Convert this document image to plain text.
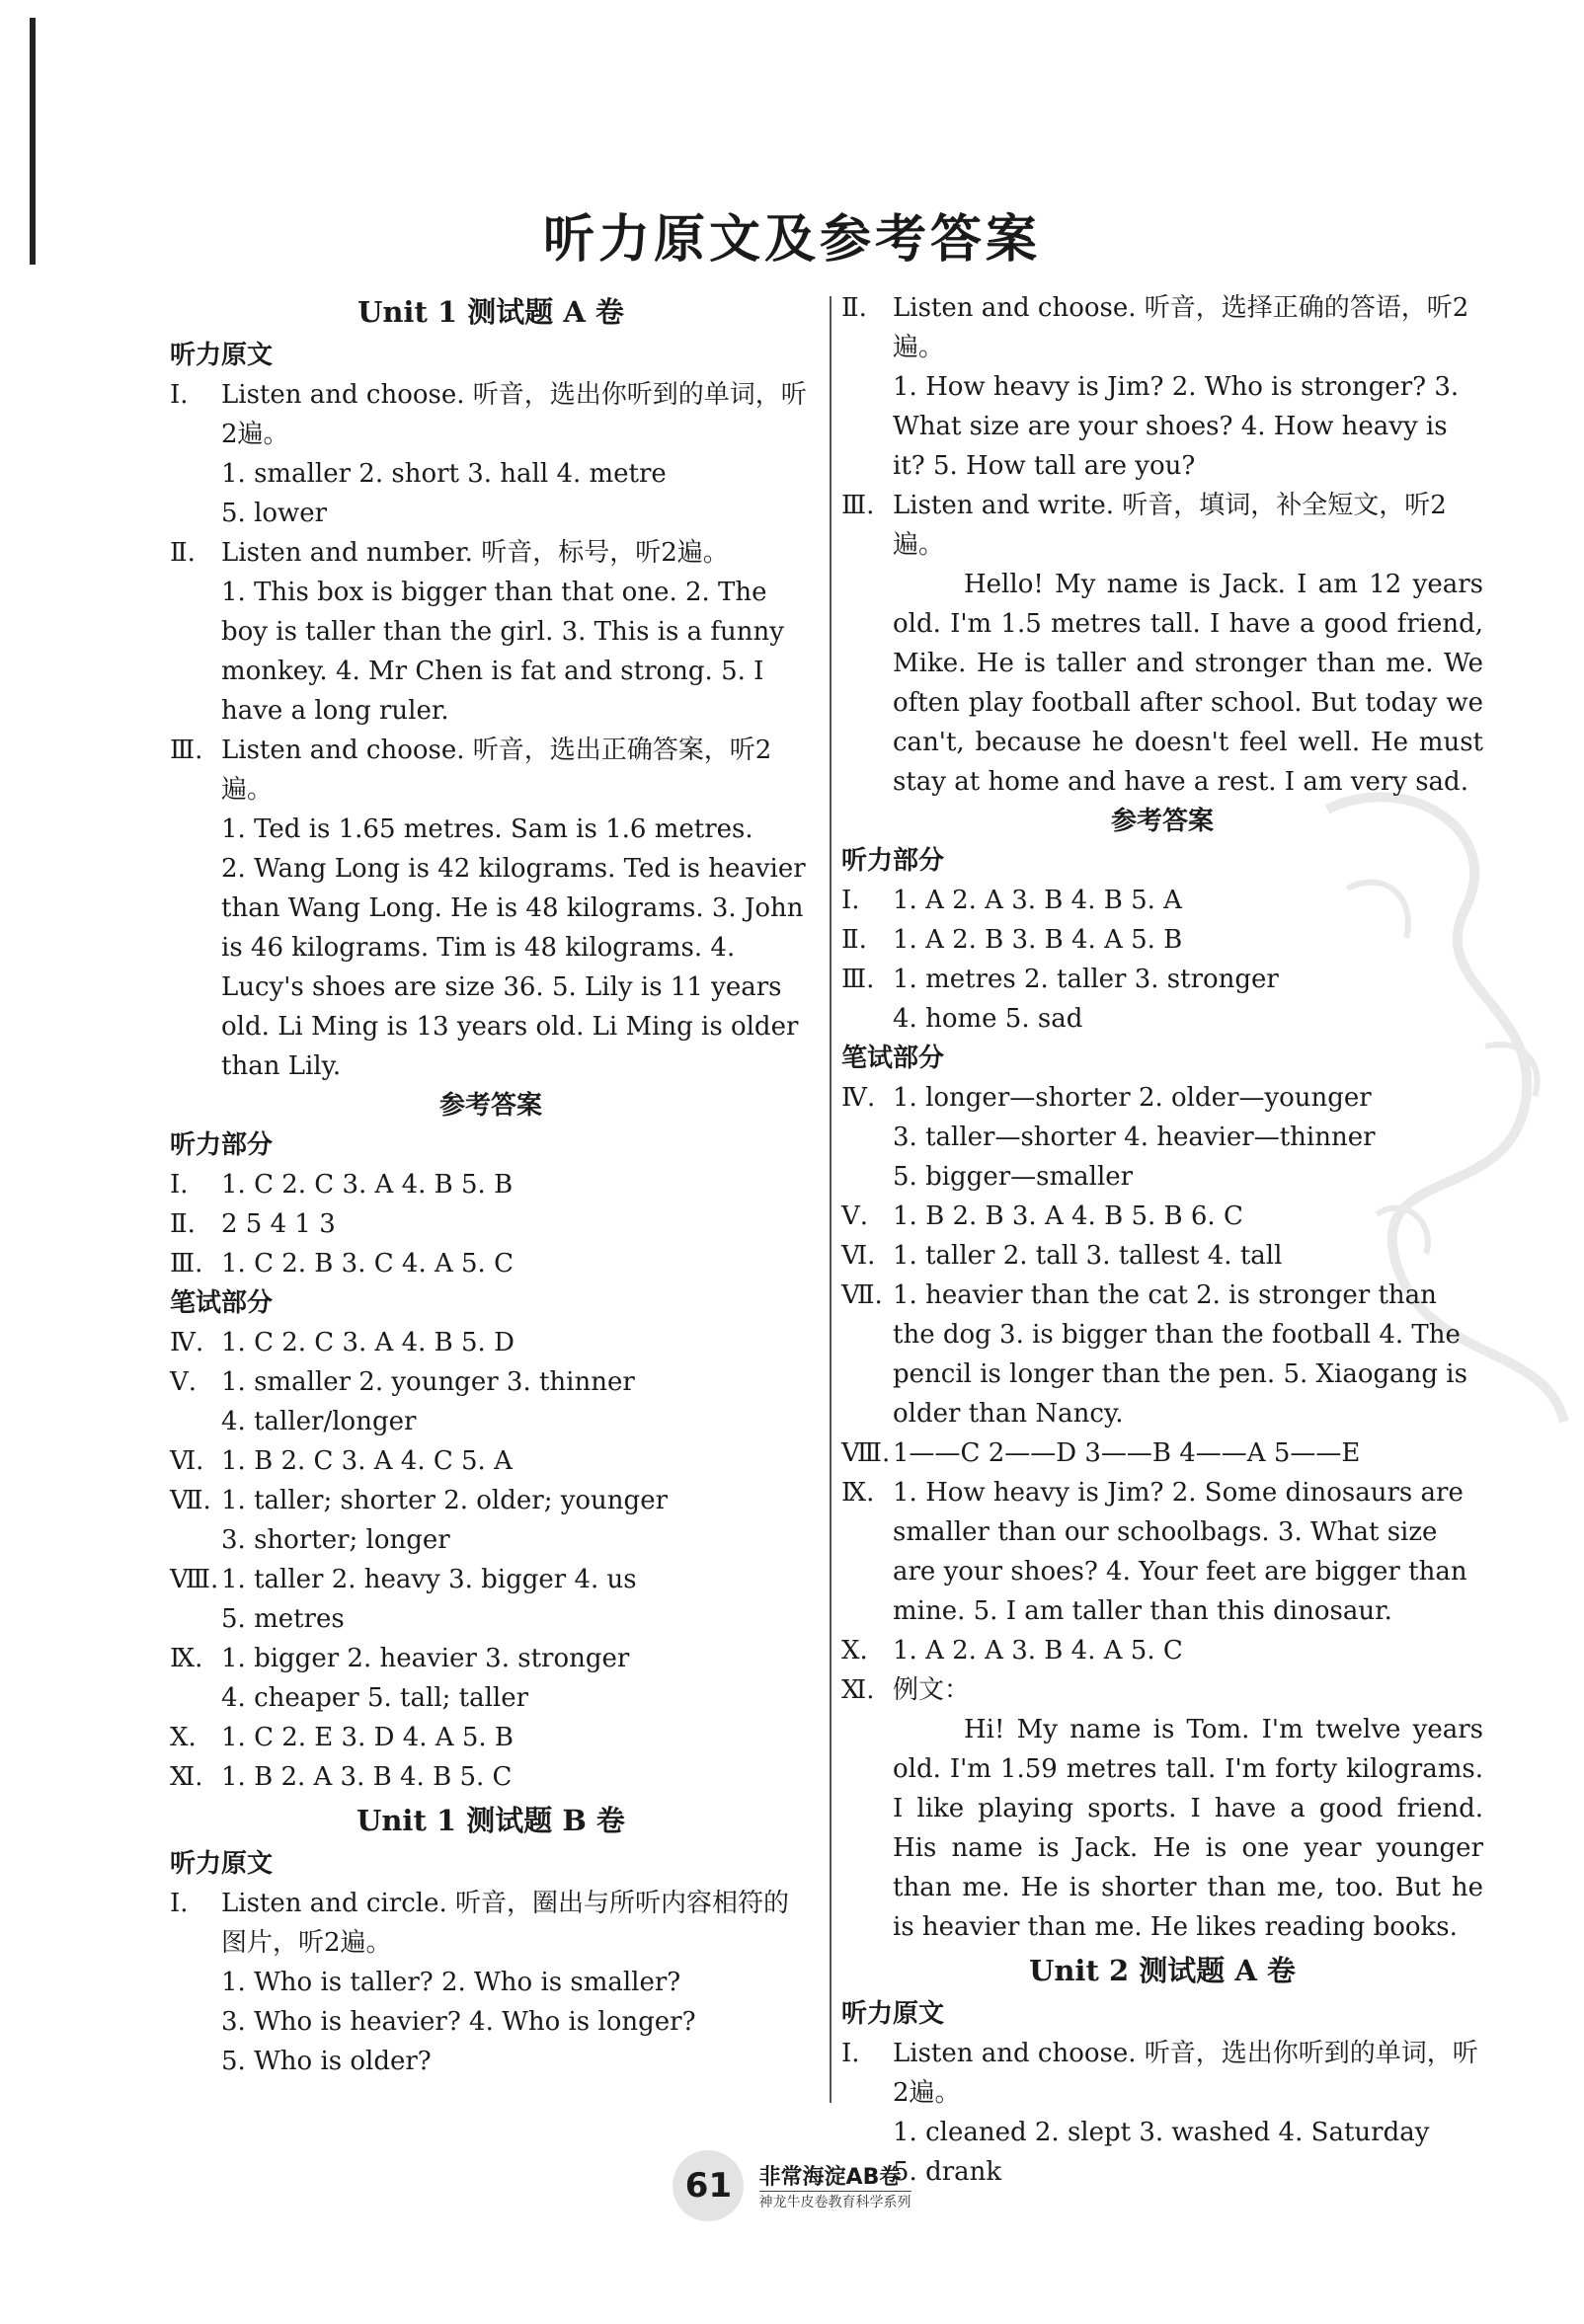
听力原文及参考答案
Unit 1 测试题 A 卷
听力原文
Ⅰ.	Listen and choose. 听音，选出你听到的单词，听2遍。
1. smaller 2. short 3. hall 4. metre
5. lower
Ⅱ.	Listen and number. 听音，标号，听2遍。
1. This box is bigger than that one. 2. The boy is taller than the girl. 3. This is a funny monkey. 4. Mr Chen is fat and strong. 5. I have a long ruler.
Ⅲ. Listen and choose. 听音，选出正确答案，听2遍。
1. Ted is 1.65 metres. Sam is 1.6 metres.
2. Wang Long is 42 kilograms. Ted is heavier than Wang Long. He is 48 kilograms. 3. John is 46 kilograms. Tim is 48 kilograms. 4. Lucy's shoes are size 36. 5. Lily is 11 years old. Li Ming is 13 years old. Li Ming is older than Lily.
参考答案
听力部分
Ⅰ.	1. C 2. C 3. A 4. B 5. B
Ⅱ.	2 5 4 1 3
Ⅲ. 1. C 2. B 3. C 4. A 5. C
笔试部分
Ⅳ. 1. C 2. C 3. A 4. B 5. D
Ⅴ. 1. smaller 2. younger 3. thinner
4. taller/longer
Ⅵ. 1. B 2. C 3. A 4. C 5. A
Ⅶ. 1. taller; shorter 2. older; younger
3. shorter; longer
Ⅷ. 1. taller 2. heavy 3. bigger 4. us
5. metres
Ⅸ. 1. bigger 2. heavier 3. stronger
4. cheaper 5. tall; taller
Ⅹ. 1. C 2. E 3. D 4. A 5. B
Ⅺ. 1. B 2. A 3. B 4. B 5. C
Unit 1 测试题 B 卷
听力原文
Ⅰ.	Listen and circle. 听音，圈出与所听内容相符的图片，听2遍。
1. Who is taller? 2. Who is smaller?
3. Who is heavier? 4. Who is longer?
5. Who is older?
Ⅱ.	Listen and choose. 听音，选择正确的答语，听2遍。
1. How heavy is Jim? 2. Who is stronger? 3. What size are your shoes? 4. How heavy is it? 5. How tall are you?
Ⅲ. Listen and write. 听音，填词，补全短文，听2遍。
Hello! My name is Jack. I am 12 years old. I'm 1.5 metres tall. I have a good friend, Mike. He is taller and stronger than me. We often play football after school. But today we can't, because he doesn't feel well. He must stay at home and have a rest. I am very sad.
参考答案
听力部分
Ⅰ.	1. A 2. A 3. B 4. B 5. A
Ⅱ.	1. A 2. B 3. B 4. A 5. B
Ⅲ. 1. metres 2. taller 3. stronger
4. home 5. sad
笔试部分
Ⅳ. 1. longer—shorter 2. older—younger
3. taller—shorter 4. heavier—thinner
5. bigger—smaller
Ⅴ. 1. B 2. B 3. A 4. B 5. B 6. C
Ⅵ. 1. taller 2. tall 3. tallest 4. tall
Ⅶ. 1. heavier than the cat 2. is stronger than the dog 3. is bigger than the football 4. The pencil is longer than the pen. 5. Xiaogang is older than Nancy.
Ⅷ. 1——C 2——D 3——B 4——A 5——E
Ⅸ. 1. How heavy is Jim? 2. Some dinosaurs are smaller than our schoolbags. 3. What size are your shoes? 4. Your feet are bigger than mine. 5. I am taller than this dinosaur.
Ⅹ. 1. A 2. A 3. B 4. A 5. C
Ⅺ. 例文：
Hi! My name is Tom. I'm twelve years old. I'm 1.59 metres tall. I'm forty kilograms. I like playing sports. I have a good friend. His name is Jack. He is one year younger than me. He is shorter than me, too. But he is heavier than me. He likes reading books.
Unit 2 测试题 A 卷
听力原文
Ⅰ.	Listen and choose. 听音，选出你听到的单词，听2遍。
1. cleaned 2. slept 3. washed 4. Saturday
5. drank
61 非常海淀AB卷
神龙牛皮卷教育科学系列
